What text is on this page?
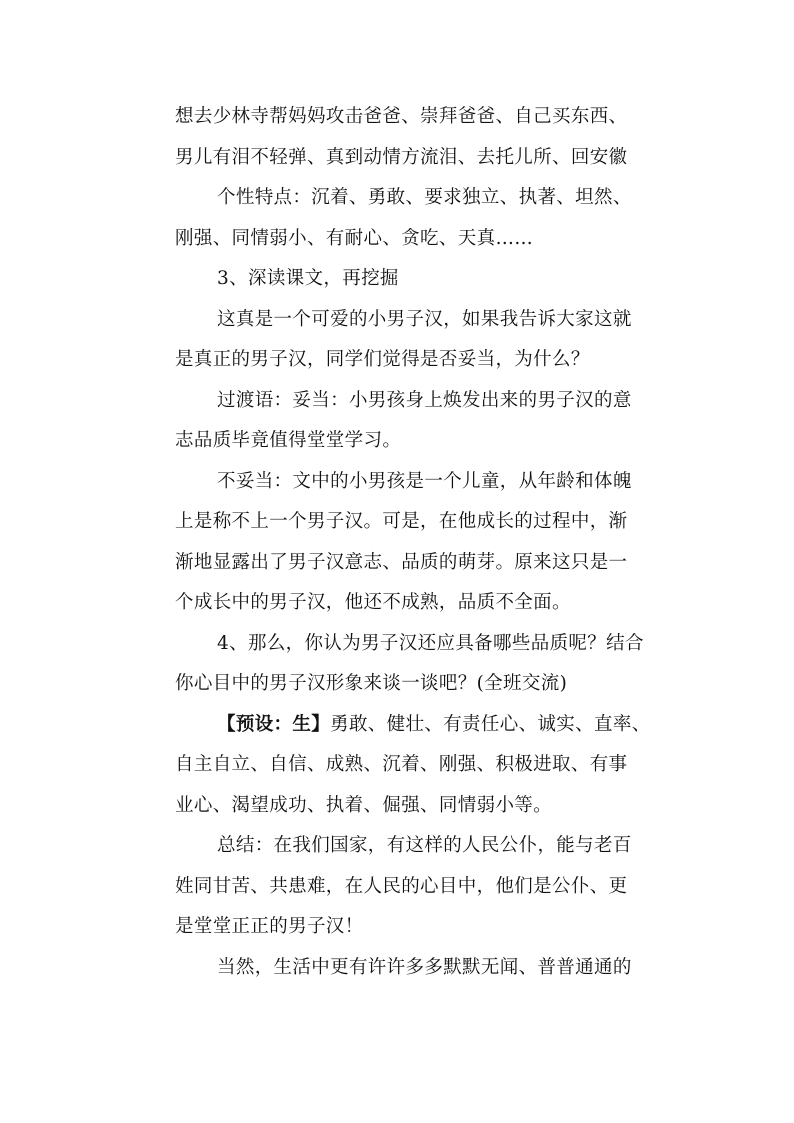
想去少林寺帮妈妈攻击爸爸、崇拜爸爸、自己买东西、
男儿有泪不轻弹、真到动情方流泪、去托儿所、回安徽
个性特点：沉着、勇敢、要求独立、执著、坦然、
刚强、同情弱小、有耐心、贪吃、天真……
3、深读课文，再挖掘
这真是一个可爱的小男子汉，如果我告诉大家这就
是真正的男子汉，同学们觉得是否妥当，为什么？
过渡语：妥当：小男孩身上焕发出来的男子汉的意
志品质毕竟值得堂堂学习。
不妥当：文中的小男孩是一个儿童，从年龄和体魄
上是称不上一个男子汉。可是，在他成长的过程中，渐
渐地显露出了男子汉意志、品质的萌芽。原来这只是一
个成长中的男子汉，他还不成熟，品质不全面。
4、那么，你认为男子汉还应具备哪些品质呢？结合
你心目中的男子汉形象来谈一谈吧？(全班交流)
【预设：生】勇敢、健壮、有责任心、诚实、直率、
自主自立、自信、成熟、沉着、刚强、积极进取、有事
业心、渴望成功、执着、倔强、同情弱小等。
总结：在我们国家，有这样的人民公仆，能与老百
姓同甘苦、共患难，在人民的心目中，他们是公仆、更
是堂堂正正的男子汉！
当然，生活中更有许许多多默默无闻、普普通通的
